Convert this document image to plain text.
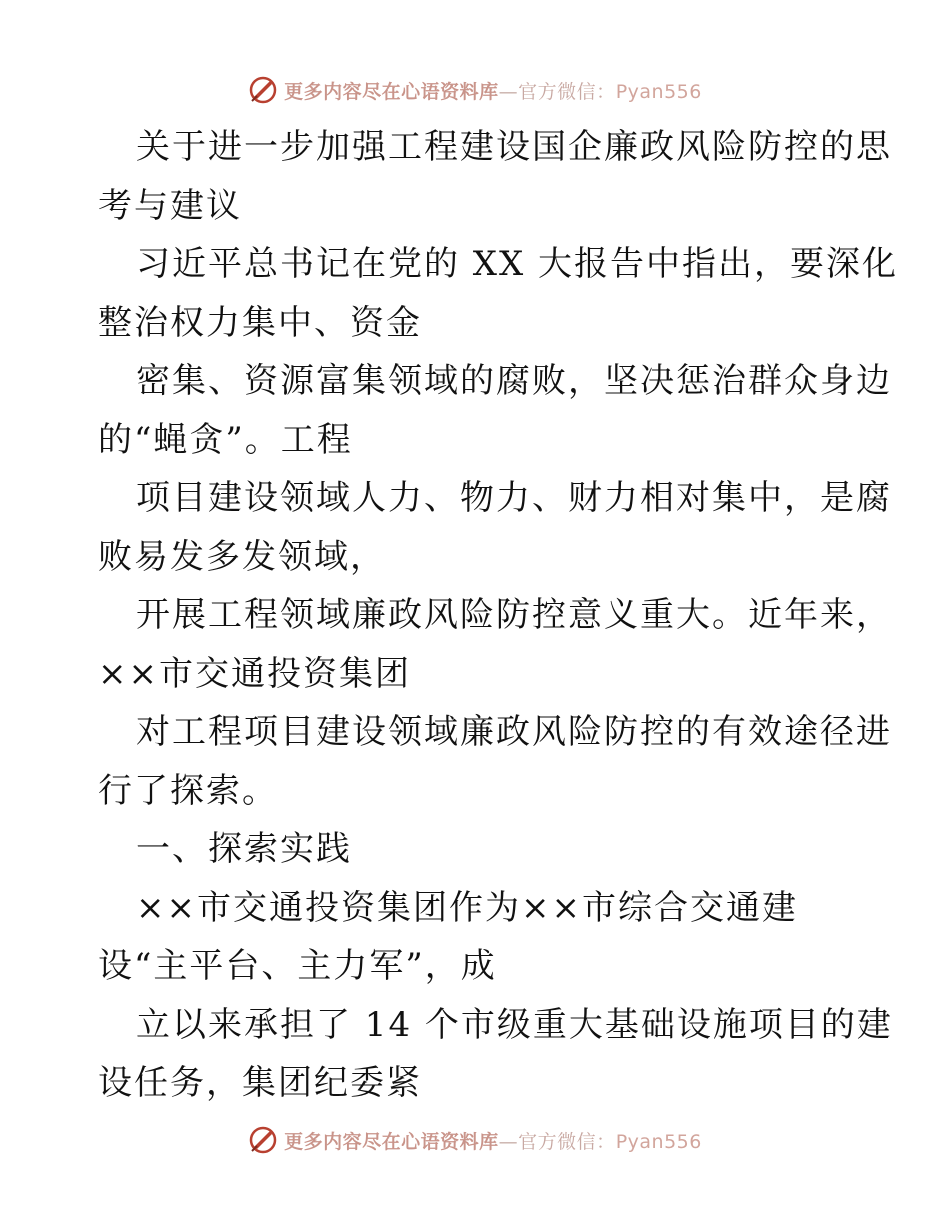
更多内容尽在心语资料库—官方微信：Pyan556
关于进一步加强工程建设国企廉政风险防控的思
考与建议
习近平总书记在党的 XX 大报告中指出，要深化
整治权力集中、资金
密集、资源富集领域的腐败，坚决惩治群众身边
的“蝇贪”。工程
项目建设领域人力、物力、财力相对集中，是腐
败易发多发领域，
开展工程领域廉政风险防控意义重大。近年来，
××市交通投资集团
对工程项目建设领域廉政风险防控的有效途径进
行了探索。
一、探索实践
××市交通投资集团作为××市综合交通建
设“主平台、主力军”，成
立以来承担了 14 个市级重大基础设施项目的建
设任务，集团纪委紧
更多内容尽在心语资料库—官方微信：Pyan556
